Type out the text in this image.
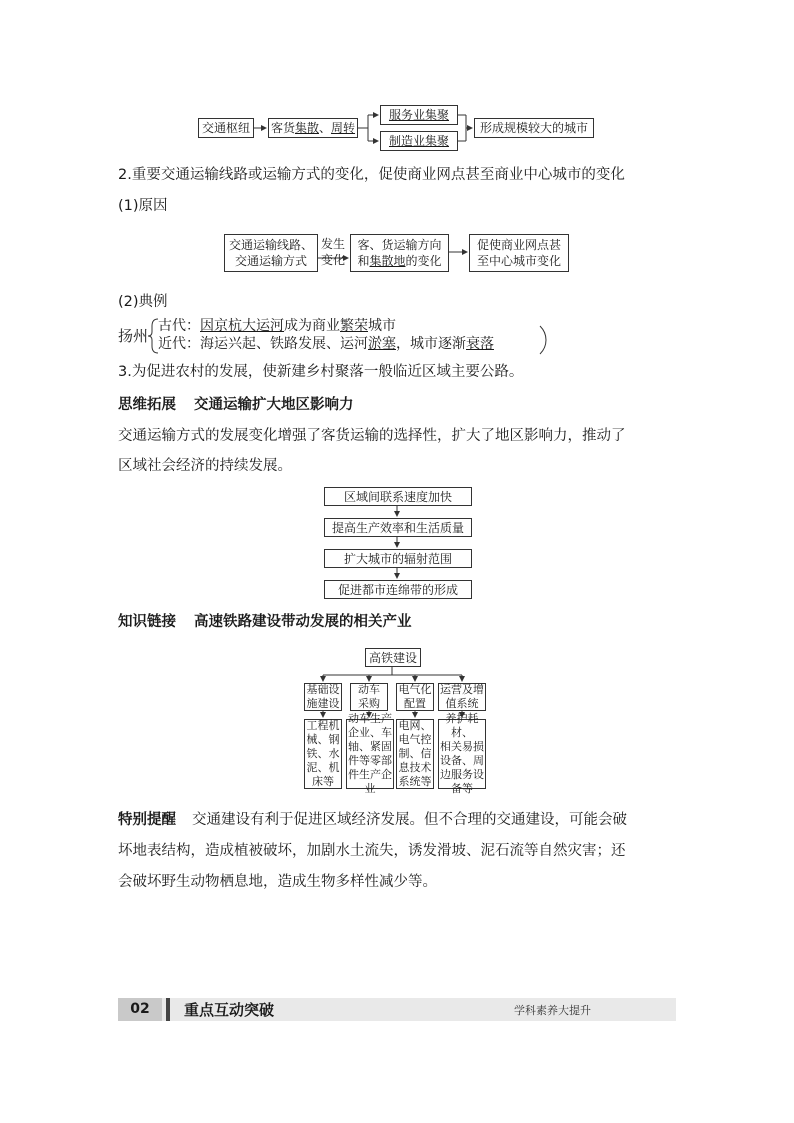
交通枢纽 客货 集散 、 周转
服务业集聚
制造业集聚
形成规模较大的城市
2.重要交通运输线路或运输方式的变化，促使商业网点甚至商业中心城市的变化
(1)原因
交通运输线路、
交通运输方式
发生
变化
客、货运输方向
和集散地的变化
促使商业网点甚
至中心城市变化
(2)典例
扬州
古代：因京杭大运河成为商业繁荣城市
近代：海运兴起、铁路发展、运河淤塞，城市逐渐衰落
3.为促进农村的发展，使新建乡村聚落一般临近区域主要公路。
思维拓展 交通运输扩大地区影响力
交通运输方式的发展变化增强了客货运输的选择性，扩大了地区影响力，推动了
区域社会经济的持续发展。
区域间联系速度加快
提高生产效率和生活质量
扩大城市的辐射范围
促进都市连绵带的形成
知识链接 高速铁路建设带动发展的相关产业
高铁建设
基础设
施建设
动车
采购
电气化
配置
运营及增
值系统
工程机
械、钢
铁、水
泥、机
床等
动车生产
企业、车
轴、紧固
件等零部
件生产企业
电网、
电气控
制、信
息技术
系统等
养护耗材、
相关易损
设备、周
边服务设
备等
特别提醒 交通建设有利于促进区域经济发展。但不合理的交通建设，可能会破
坏地表结构，造成植被破坏，加剧水土流失，诱发滑坡、泥石流等自然灾害；还
会破坏野生动物栖息地，造成生物多样性减少等。
02	重点互动突破	学科素养大提升
